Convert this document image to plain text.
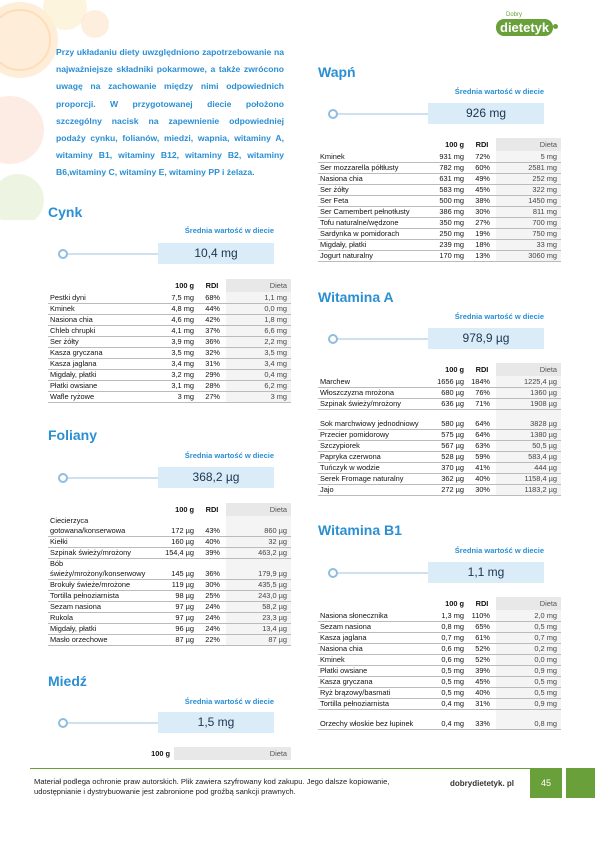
Dobry
dietetyk

Przy układaniu diety uwzględniono zapotrzebowanie na najważniejsze składniki pokarmowe, a także zwrócono uwagę na zachowanie między nimi odpowiednich proporcji. W przygotowanej diecie położono szczególny nacisk na zapewnienie odpowiedniej podaży cynku, folianów, miedzi, wapnia, witaminy A, witaminy B1, witaminy B12, witaminy B2, witaminy B6,witaminy C, witaminy E, witaminy PP i żelaza.

Cynk
Średnia wartość w diecie
10,4 mg
	100 g	RDI	Dieta
Pestki dyni	7,5 mg	68%	1,1 mg
Kminek	4,8 mg	44%	0,0 mg
Nasiona chia	4,6 mg	42%	1,8 mg
Chleb chrupki	4,1 mg	37%	6,6 mg
Ser żółty	3,9 mg	36%	2,2 mg
Kasza gryczana	3,5 mg	32%	3,5 mg
Kasza jaglana	3,4 mg	31%	3,4 mg
Migdały, płatki	3,2 mg	29%	0,4 mg
Płatki owsiane	3,1 mg	28%	6,2 mg
Wafle ryżowe	3 mg	27%	3 mg
Foliany
Średnia wartość w diecie
368,2 µg
	100 g	RDI	Dieta
Ciecierzyca gotowana/konserwowa	172 µg	43%	860 µg
Kiełki	160 µg	40%	32 µg
Szpinak świeży/mrożony	154,4 µg	39%	463,2 µg
Bób świeży/mrożony/konserwowy	145 µg	36%	179,9 µg
Brokuły świeże/mrożone	119 µg	30%	435,5 µg
Tortilla pełnoziarnista	98 µg	25%	243,0 µg
Sezam nasiona	97 µg	24%	58,2 µg
Rukola	97 µg	24%	23,3 µg
Migdały, płatki	96 µg	24%	13,4 µg
Masło orzechowe	87 µg	22%	87 µg
Miedź
Średnia wartość w diecie
1,5 mg
	100 g		Dieta
Wapń
Średnia wartość w diecie
926 mg
	100 g	RDI	Dieta
Kminek	931 mg	72%	5 mg
Ser mozzarella półtłusty	782 mg	60%	2581 mg
Nasiona chia	631 mg	49%	252 mg
Ser żółty	583 mg	45%	322 mg
Ser Feta	500 mg	38%	1450 mg
Ser Camembert pełnotłusty	386 mg	30%	811 mg
Tofu naturalne/wędzone	350 mg	27%	700 mg
Sardynka w pomidorach	250 mg	19%	750 mg
Migdały, płatki	239 mg	18%	33 mg
Jogurt naturalny	170 mg	13%	3060 mg
Witamina A
Średnia wartość w diecie
978,9 µg
	100 g	RDI	Dieta
Marchew	1656 µg	184%	1225,4 µg
Włoszczyzna mrożona	680 µg	76%	1360 µg
Szpinak świeży/mrożony	636 µg	71%	1908 µg
Sok marchwiowy jednodniowy	580 µg	64%	3828 µg
Przecier pomidorowy	575 µg	64%	1380 µg
Szczypiorek	567 µg	63%	50,5 µg
Papryka czerwona	528 µg	59%	583,4 µg
Tuńczyk w wodzie	370 µg	41%	444 µg
Serek Fromage naturalny	362 µg	40%	1158,4 µg
Jajo	272 µg	30%	1183,2 µg
Witamina B1
Średnia wartość w diecie
1,1 mg
	100 g	RDI	Dieta
Nasiona słonecznika	1,3 mg	110%	2,0 mg
Sezam nasiona	0,8 mg	65%	0,5 mg
Kasza jaglana	0,7 mg	61%	0,7 mg
Nasiona chia	0,6 mg	52%	0,2 mg
Kminek	0,6 mg	52%	0,0 mg
Płatki owsiane	0,5 mg	39%	0,9 mg
Kasza gryczana	0,5 mg	45%	0,5 mg
Ryż brązowy/basmati	0,5 mg	40%	0,5 mg
Tortilla pełnoziarnista	0,4 mg	31%	0,9 mg
Orzechy włoskie bez łupinek	0,4 mg	33%	0,8 mg

Materiał podlega ochronie praw autorskich. Plik zawiera szyfrowany kod zakupu. Jego dalsze kopiowanie, udostępnianie i dystrybuowanie jest zabronione pod groźbą sankcji prawnych.

dobrydietetyk. pl	45
